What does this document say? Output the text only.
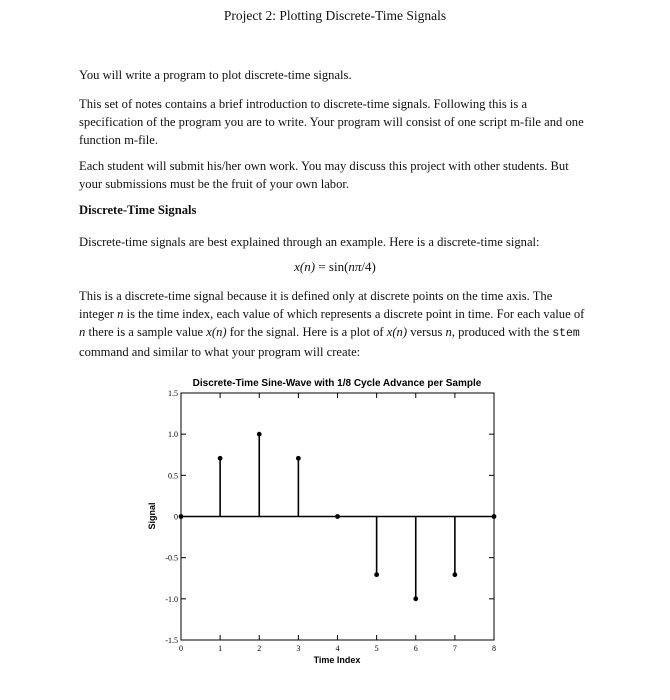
Project 2: Plotting Discrete-Time Signals

You will write a program to plot discrete-time signals.

This set of notes contains a brief introduction to discrete-time signals. Following this is a specification of the program you are to write. Your program will consist of one script m-file and one function m-file.

Each student will submit his/her own work. You may discuss this project with other students. But your submissions must be the fruit of your own labor.

Discrete-Time Signals

Discrete-time signals are best explained through an example. Here is a discrete-time signal:

x(n) = sin(nπ/4)

This is a discrete-time signal because it is defined only at discrete points on the time axis. The integer n is the time index, each value of which represents a discrete point in time. For each value of n there is a sample value x(n) for the signal. Here is a plot of x(n) versus n, produced with the stem command and similar to what your program will create:

Discrete-Time Sine-Wave with 1/8 Cycle Advance per Sample
Signal
Time Index
1.5
1.0
0.5
0
-0.5
-1.0
-1.5
0	1	2	3	4	5	6	7	8
